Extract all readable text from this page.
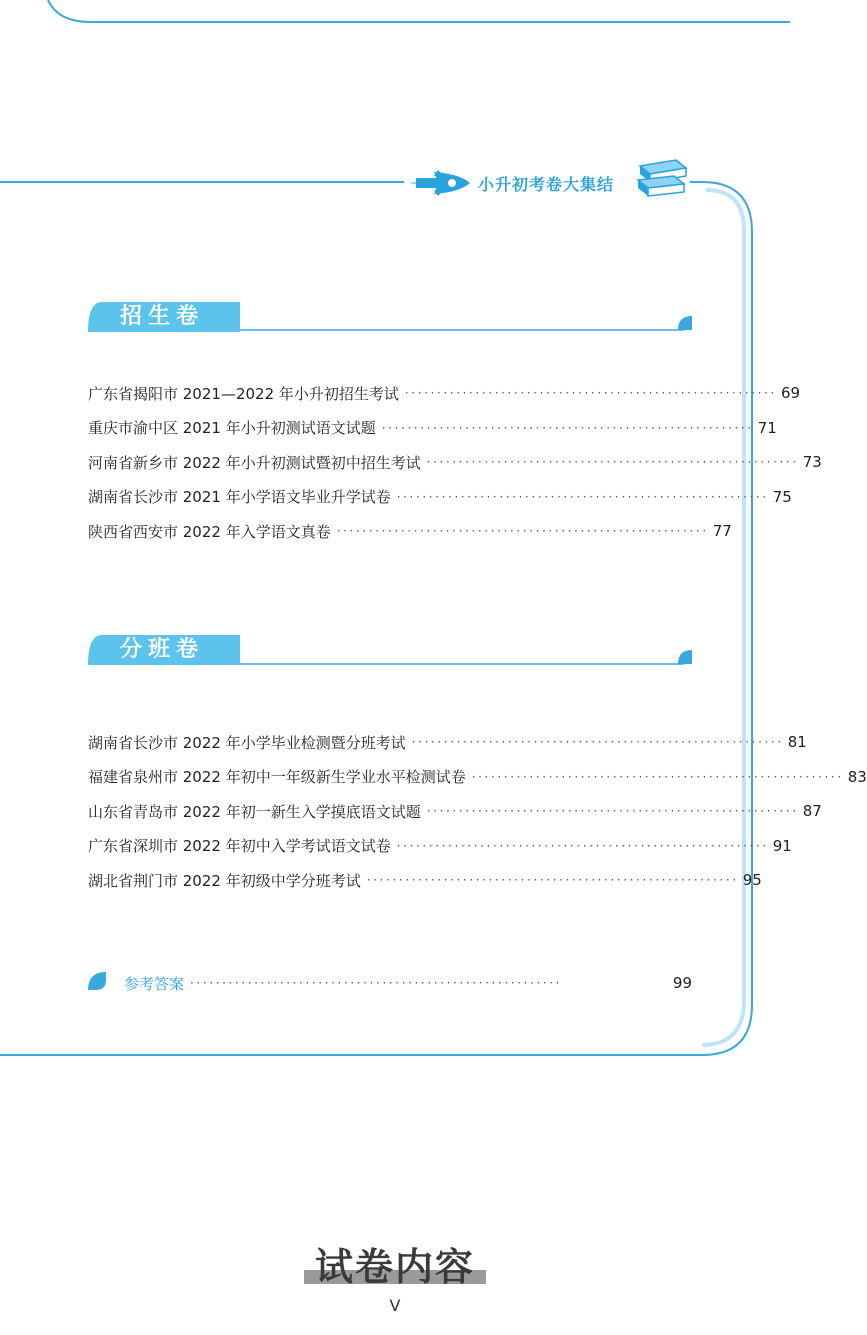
小升初考卷大集结
招生卷
广东省揭阳市 2021—2022 年小升初招生考试 ·························································· 69
重庆市渝中区 2021 年小升初测试语文试题 ·························································· 71
河南省新乡市 2022 年小升初测试暨初中招生考试 ·························································· 73
湖南省长沙市 2021 年小学语文毕业升学试卷 ·························································· 75
陕西省西安市 2022 年入学语文真卷 ·························································· 77
分班卷
湖南省长沙市 2022 年小学毕业检测暨分班考试 ·························································· 81
福建省泉州市 2022 年初中一年级新生学业水平检测试卷 ·························································· 83
山东省青岛市 2022 年初一新生入学摸底语文试题 ·························································· 87
广东省深圳市 2022 年初中入学考试语文试卷 ·························································· 91
湖北省荆门市 2022 年初级中学分班考试 ·························································· 95
参考答案 ··························································	99
试卷内容
V
